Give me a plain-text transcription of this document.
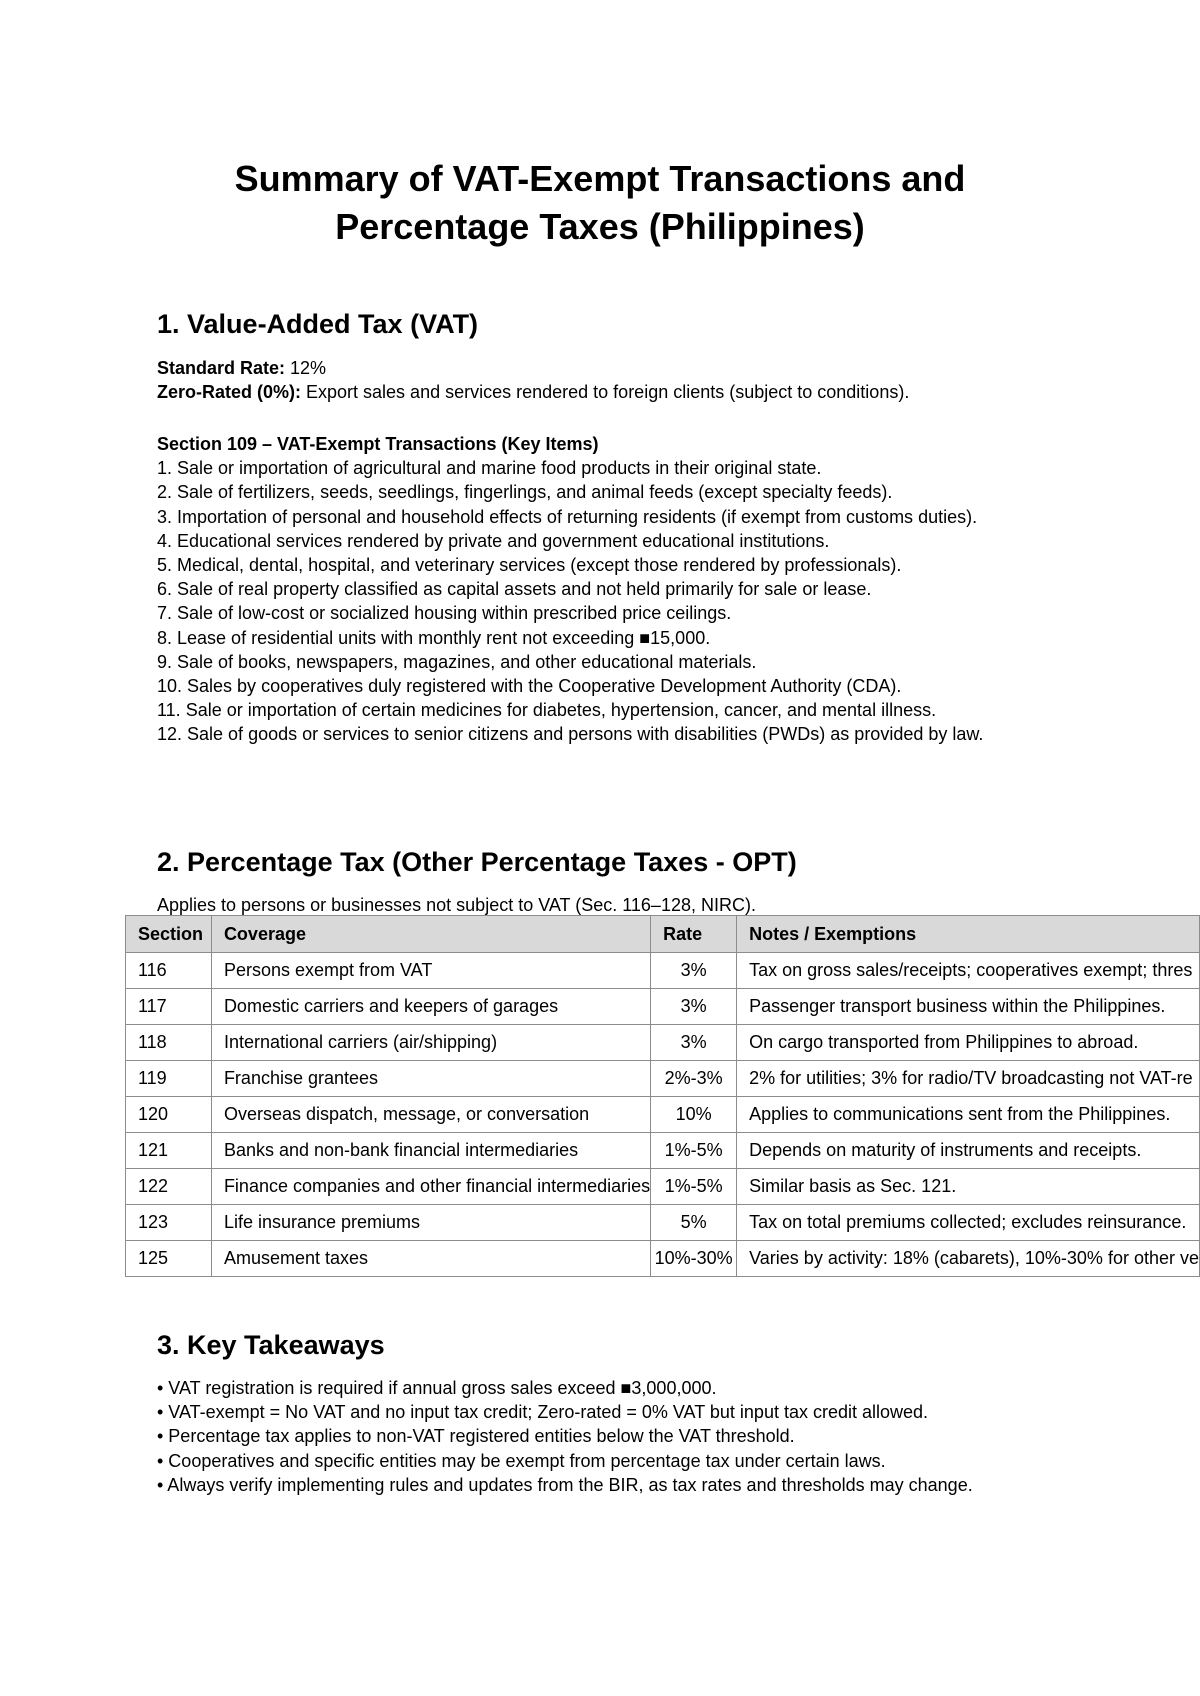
Summary of VAT-Exempt Transactions and
Percentage Taxes (Philippines)
1. Value-Added Tax (VAT)

Standard Rate: 12%

Zero-Rated (0%): Export sales and services rendered to foreign clients (subject to conditions).

Section 109 – VAT-Exempt Transactions (Key Items)

1. Sale or importation of agricultural and marine food products in their original state.

2. Sale of fertilizers, seeds, seedlings, fingerlings, and animal feeds (except specialty feeds).

3. Importation of personal and household effects of returning residents (if exempt from customs duties).

4. Educational services rendered by private and government educational institutions.

5. Medical, dental, hospital, and veterinary services (except those rendered by professionals).

6. Sale of real property classified as capital assets and not held primarily for sale or lease.

7. Sale of low-cost or socialized housing within prescribed price ceilings.

8. Lease of residential units with monthly rent not exceeding ■15,000.

9. Sale of books, newspapers, magazines, and other educational materials.

10. Sales by cooperatives duly registered with the Cooperative Development Authority (CDA).

11. Sale or importation of certain medicines for diabetes, hypertension, cancer, and mental illness.

12. Sale of goods or services to senior citizens and persons with disabilities (PWDs) as provided by law.

2. Percentage Tax (Other Percentage Taxes - OPT)
Applies to persons or businesses not subject to VAT (Sec. 116–128, NIRC).
Section	Coverage	Rate	Notes / Exemptions
116	Persons exempt from VAT	3%	Tax on gross sales/receipts; cooperatives exempt; thres
117	Domestic carriers and keepers of garages	3%	Passenger transport business within the Philippines.
118	International carriers (air/shipping)	3%	On cargo transported from Philippines to abroad.
119	Franchise grantees	2%-3%	2% for utilities; 3% for radio/TV broadcasting not VAT-re
120	Overseas dispatch, message, or conversation	10%	Applies to communications sent from the Philippines.
121	Banks and non-bank financial intermediaries	1%-5%	Depends on maturity of instruments and receipts.
122	Finance companies and other financial intermediaries	1%-5%	Similar basis as Sec. 121.
123	Life insurance premiums	5%	Tax on total premiums collected; excludes reinsurance.
125	Amusement taxes	10%-30%	Varies by activity: 18% (cabarets), 10%-30% for other ve
3. Key Takeaways

• VAT registration is required if annual gross sales exceed ■3,000,000.

• VAT-exempt = No VAT and no input tax credit; Zero-rated = 0% VAT but input tax credit allowed.

• Percentage tax applies to non-VAT registered entities below the VAT threshold.

• Cooperatives and specific entities may be exempt from percentage tax under certain laws.

• Always verify implementing rules and updates from the BIR, as tax rates and thresholds may change.
